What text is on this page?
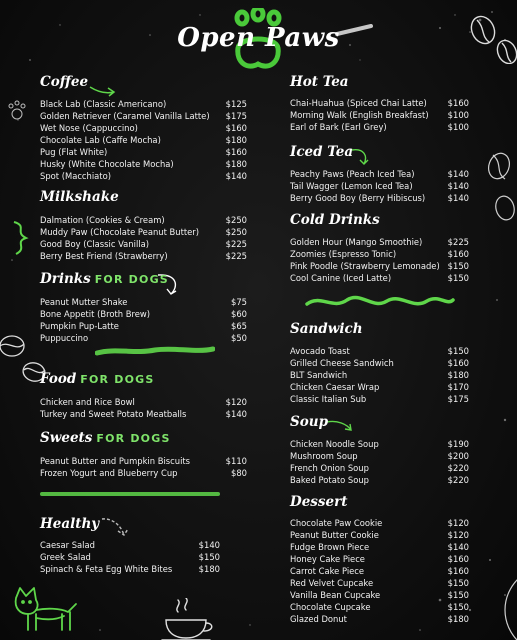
Open Paws
Coffee
Black Lab (Classic Americano)	$125
Golden Retriever (Caramel Vanilla Latte) $175
Wet Nose (Cappuccino)	$160
Chocolate Lab (Caffe Mocha)	$180
Pug (Flat White)	$160
Husky (White Chocolate Mocha)	$180
Spot (Macchiato)	$140
Milkshake
Dalmation (Cookies & Cream)	$250
Muddy Paw (Chocolate Peanut Butter)	$250
Good Boy (Classic Vanilla)	$225
Berry Best Friend (Strawberry)	$225
Drinks FOR DOGS
Peanut Mutter Shake	$75
Bone Appetit (Broth Brew)	$60
Pumpkin Pup-Latte	$65
Puppuccino	$50
Food FOR DOGS
Chicken and Rice Bowl	$120
Turkey and Sweet Potato Meatballs	$140
Sweets FOR DOGS
Peanut Butter and Pumpkin Biscuits	$110
Frozen Yogurt and Blueberry Cup	$80
Healthy
Caesar Salad	$140
Greek Salad	$150
Spinach & Feta Egg White Bites	$180
Hot Tea
Chai-Huahua (Spiced Chai Latte) $160
Morning Walk (English Breakfast) $100
Earl of Bark (Earl Grey)	$100
Iced Tea
Peachy Paws (Peach Iced Tea)	$140
Tail Wagger (Lemon Iced Tea)	$140
Berry Good Boy (Berry Hibiscus)	$140
Cold Drinks
Golden Hour (Mango Smoothie)	$225
Zoomies (Espresso Tonic)	$160
Pink Poodle (Strawberry Lemonade) $150
Cool Canine (Iced Latte)	$150
Sandwich
Avocado Toast	$150
Grilled Cheese Sandwich	$160
BLT Sandwich	$180
Chicken Caesar Wrap	$170
Classic Italian Sub	$175
Soup
Chicken Noodle Soup	$190
Mushroom Soup	$200
French Onion Soup	$220
Baked Potato Soup	$220
Dessert
Chocolate Paw Cookie	$120
Peanut Butter Cookie	$120
Fudge Brown Piece	$140
Honey Cake Piece	$160
Carrot Cake Piece	$160
Red Velvet Cupcake	$150
Vanilla Bean Cupcake	$150
Chocolate Cupcake	$150
Glazed Donut	$180
